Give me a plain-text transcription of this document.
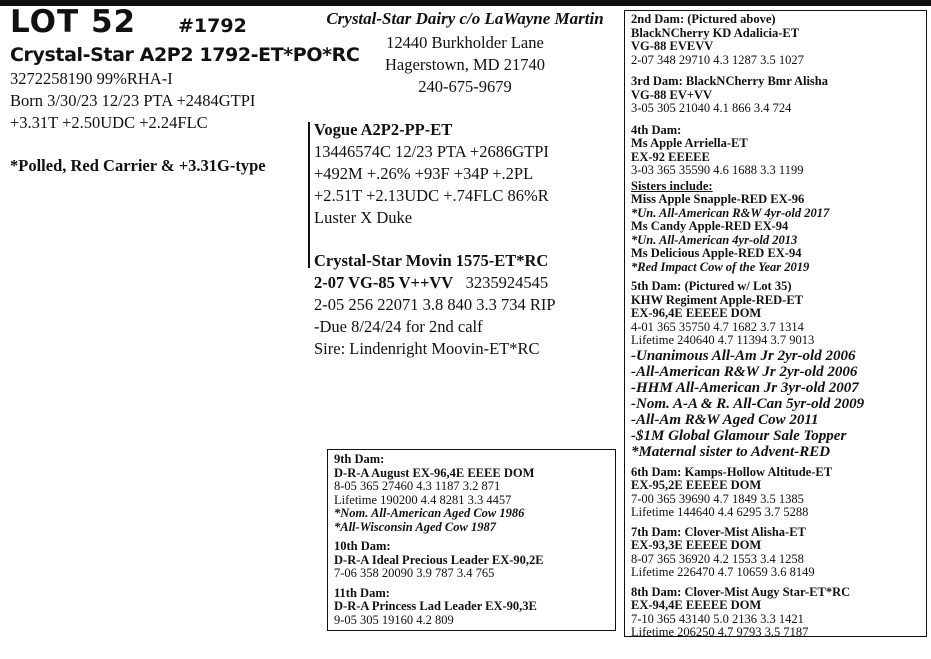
LOT 52 #1792
Crystal-Star A2P2 1792-ET*PO*RC
3272258190 99%RHA-I
Born 3/30/23 12/23 PTA +2484GTPI
+3.31T +2.50UDC +2.24FLC
*Polled, Red Carrier & +3.31G-type
Crystal-Star Dairy c/o LaWayne Martin
12440 Burkholder Lane
Hagerstown, MD 21740
240-675-9679
Vogue A2P2-PP-ET
13446574C 12/23 PTA +2686GTPI
+492M +.26% +93F +34P +.2PL
+2.51T +2.13UDC +.74FLC 86%R
Luster X Duke
Crystal-Star Movin 1575-ET*RC
2-07 VG-85 V++VV 3235924545
2-05 256 22071 3.8 840 3.3 734 RIP
-Due 8/24/24 for 2nd calf
Sire: Lindenright Moovin-ET*RC
9th Dam:
D-R-A August EX-96,4E EEEE DOM
8-05 365 27460 4.3 1187 3.2 871
Lifetime 190200 4.4 8281 3.3 4457
*Nom. All-American Aged Cow 1986
*All-Wisconsin Aged Cow 1987
10th Dam:
D-R-A Ideal Precious Leader EX-90,2E
7-06 358 20090 3.9 787 3.4 765
11th Dam:
D-R-A Princess Lad Leader EX-90,3E
9-05 305 19160 4.2 809
2nd Dam: (Pictured above)
BlackNCherry KD Adalicia-ET
VG-88 EVEVV
2-07 348 29710 4.3 1287 3.5 1027
3rd Dam: BlackNCherry Bmr Alisha
VG-88 EV+VV
3-05 305 21040 4.1 866 3.4 724
4th Dam:
Ms Apple Arriella-ET
EX-92 EEEEE
3-03 365 35590 4.6 1688 3.3 1199
Sisters include:
Miss Apple Snapple-RED EX-96
*Un. All-American R&W 4yr-old 2017
Ms Candy Apple-RED EX-94
*Un. All-American 4yr-old 2013
Ms Delicious Apple-RED EX-94
*Red Impact Cow of the Year 2019
5th Dam: (Pictured w/ Lot 35)
KHW Regiment Apple-RED-ET
EX-96,4E EEEEE DOM
4-01 365 35750 4.7 1682 3.7 1314
Lifetime 240640 4.7 11394 3.7 9013
-Unanimous All-Am Jr 2yr-old 2006
-All-American R&W Jr 2yr-old 2006
-HHM All-American Jr 3yr-old 2007
-Nom. A-A & R. All-Can 5yr-old 2009
-All-Am R&W Aged Cow 2011
-$1M Global Glamour Sale Topper
*Maternal sister to Advent-RED
6th Dam: Kamps-Hollow Altitude-ET
EX-95,2E EEEEE DOM
7-00 365 39690 4.7 1849 3.5 1385
Lifetime 144640 4.4 6295 3.7 5288
7th Dam: Clover-Mist Alisha-ET
EX-93,3E EEEEE DOM
8-07 365 36920 4.2 1553 3.4 1258
Lifetime 226470 4.7 10659 3.6 8149
8th Dam: Clover-Mist Augy Star-ET*RC
EX-94,4E EEEEE DOM
7-10 365 43140 5.0 2136 3.3 1421
Lifetime 206250 4.7 9793 3.5 7187
